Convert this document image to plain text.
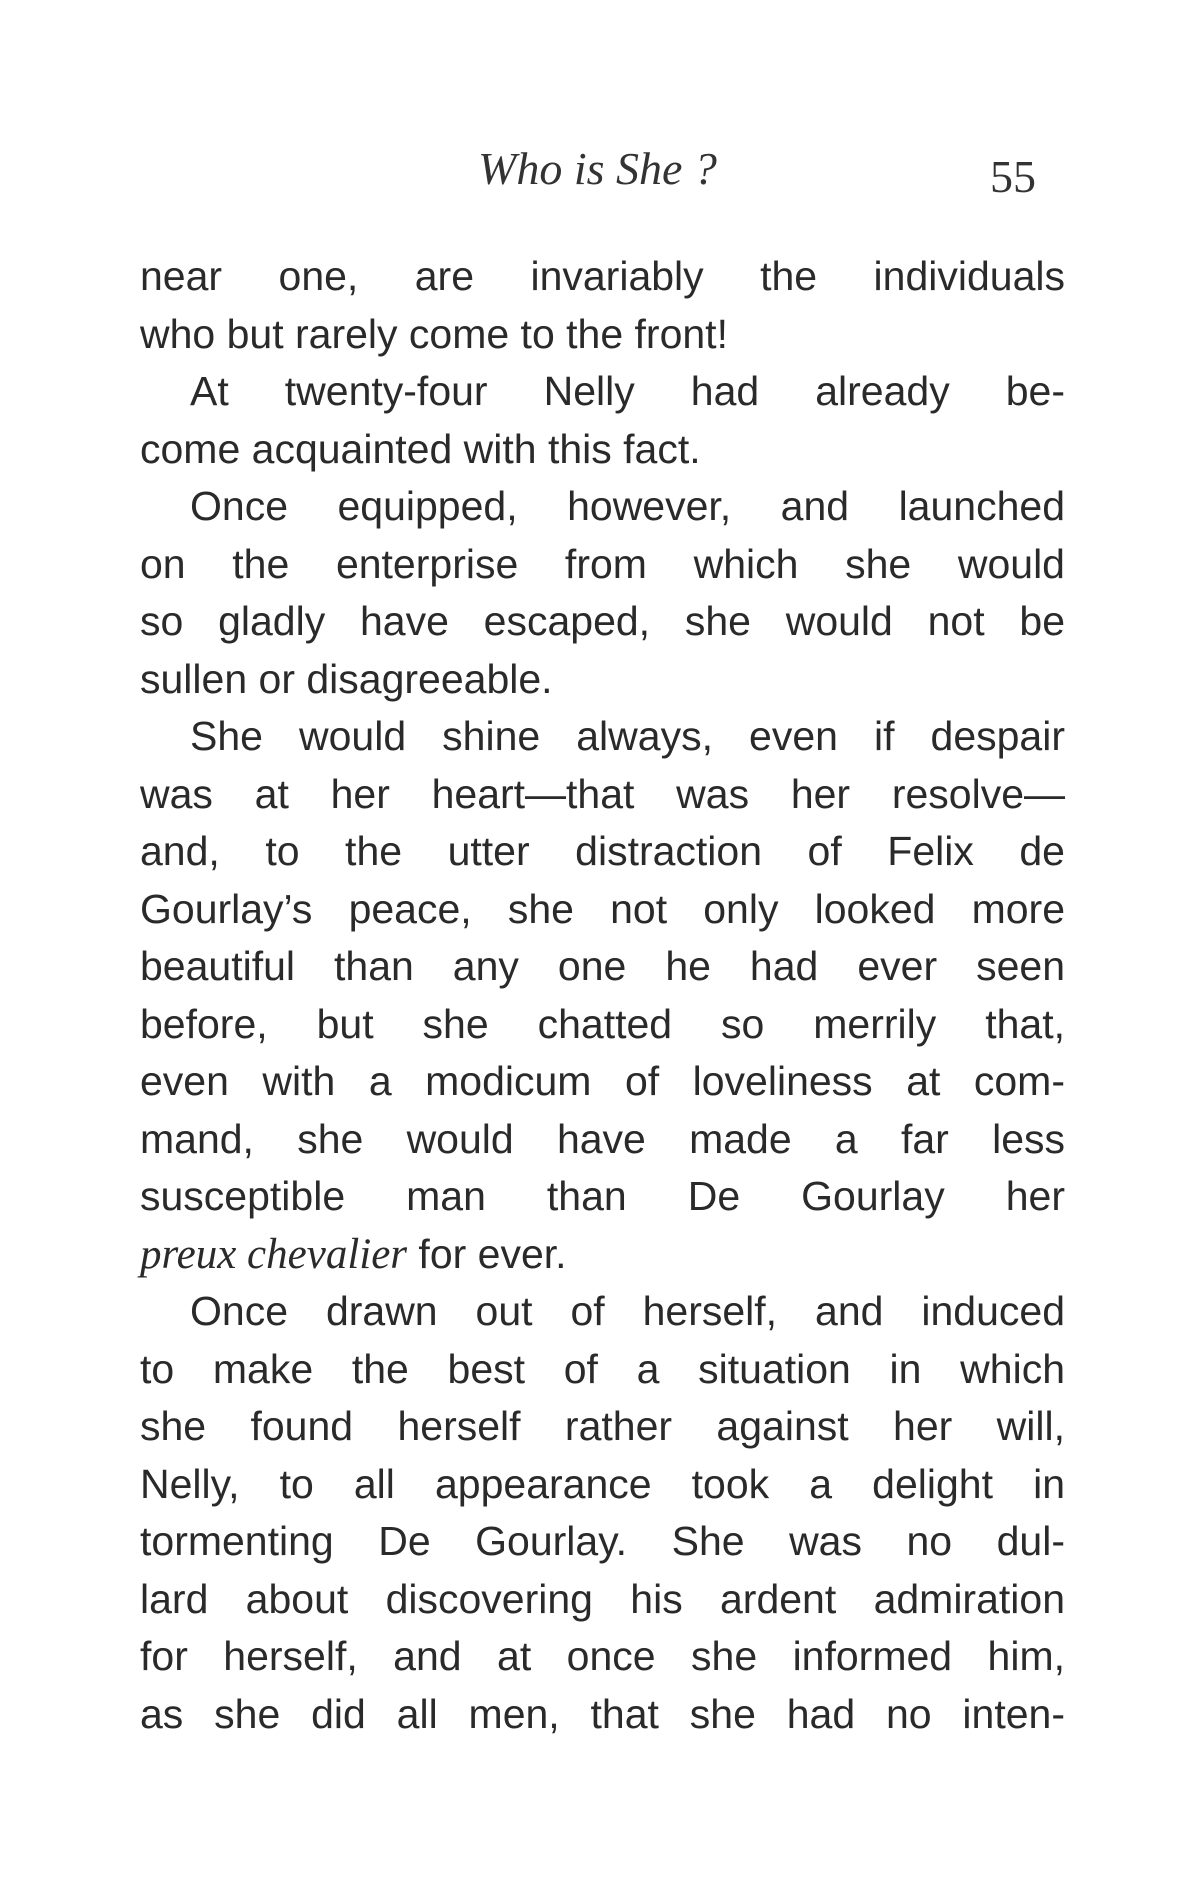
Who is She ?	55
near one, are invariably the individuals
who but rarely come to the front!
At twenty-four Nelly had already be-
come acquainted with this fact.
Once equipped, however, and launched
on the enterprise from which she would
so gladly have escaped, she would not be
sullen or disagreeable.
She would shine always, even if despair
was at her heart—that was her resolve—
and, to the utter distraction of Felix de
Gourlay’s peace, she not only looked more
beautiful than any one he had ever seen
before, but she chatted so merrily that,
even with a modicum of loveliness at com-
mand, she would have made a far less
susceptible man than De Gourlay her
preux chevalier for ever.
Once drawn out of herself, and induced
to make the best of a situation in which
she found herself rather against her will,
Nelly, to all appearance took a delight in
tormenting De Gourlay. She was no dul-
lard about discovering his ardent admiration
for herself, and at once she informed him,
as she did all men, that she had no inten-
